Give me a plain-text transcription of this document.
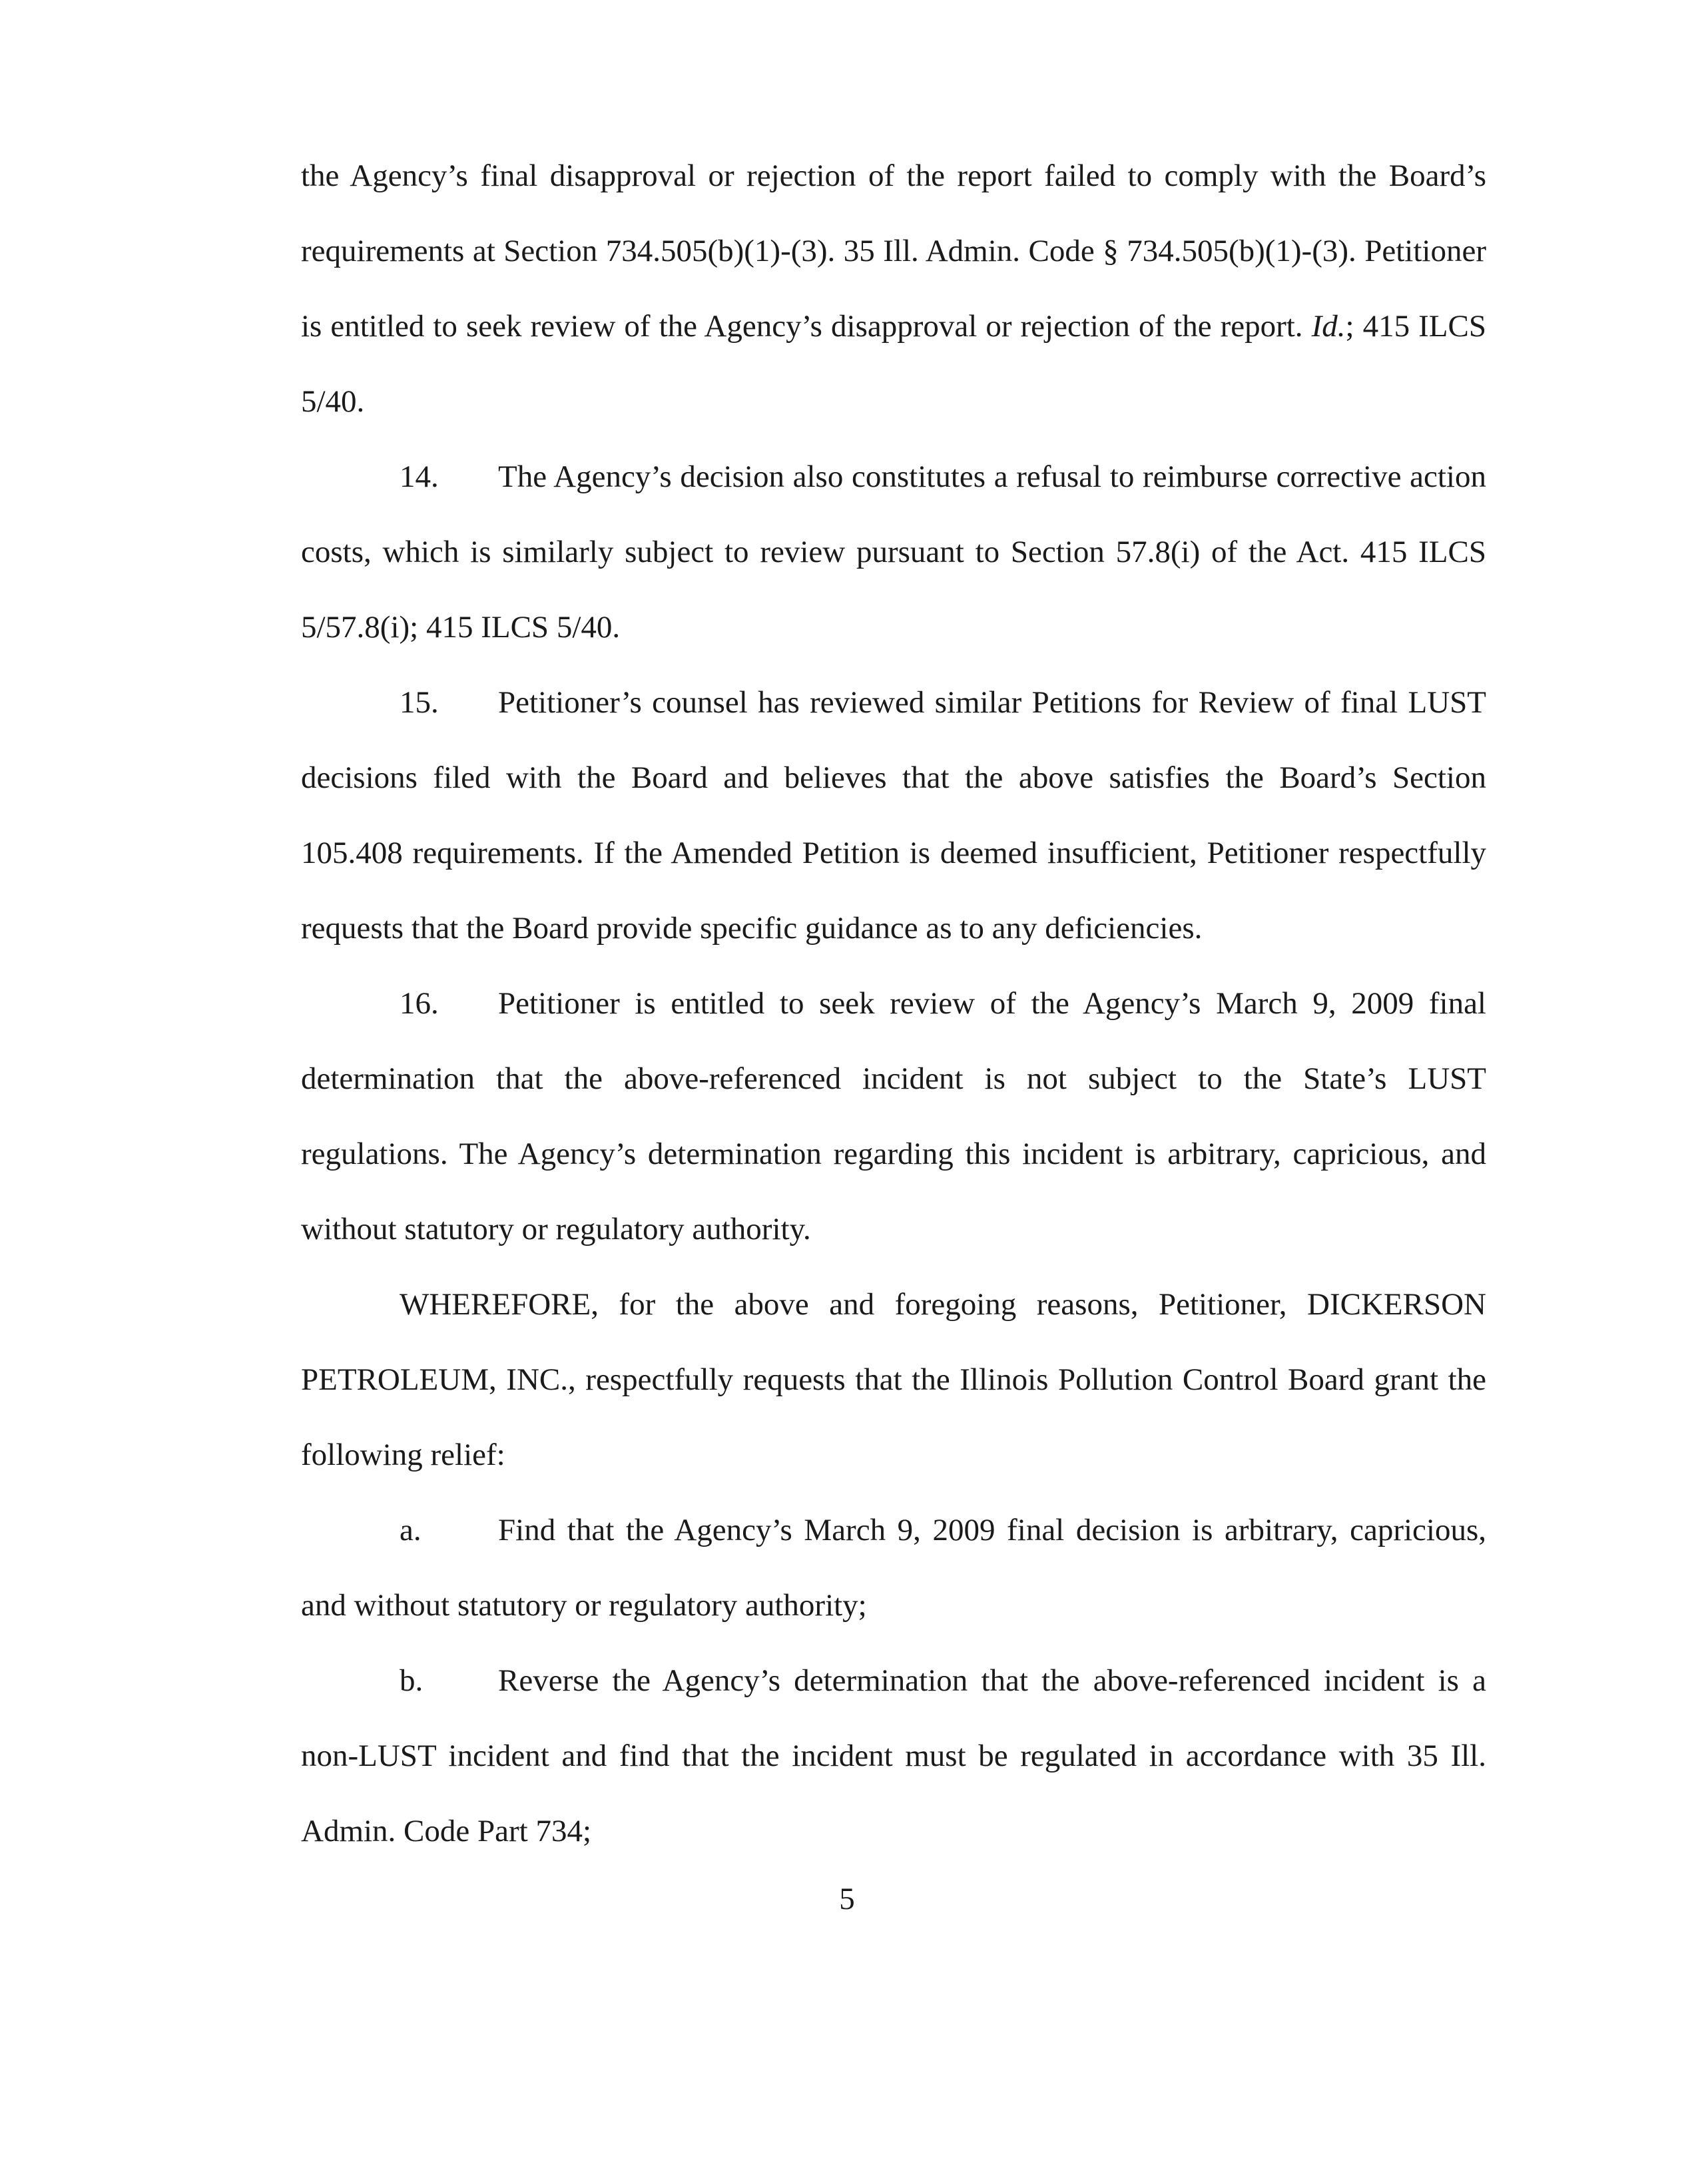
the Agency’s final disapproval or rejection of the report failed to comply with the Board’s requirements at Section 734.505(b)(1)-(3). 35 Ill. Admin. Code § 734.505(b)(1)-(3). Petitioner is entitled to seek review of the Agency’s disapproval or rejection of the report. Id.; 415 ILCS 5/40.

14. The Agency’s decision also constitutes a refusal to reimburse corrective action costs, which is similarly subject to review pursuant to Section 57.8(i) of the Act. 415 ILCS 5/57.8(i); 415 ILCS 5/40.

15. Petitioner’s counsel has reviewed similar Petitions for Review of final LUST decisions filed with the Board and believes that the above satisfies the Board’s Section 105.408 requirements. If the Amended Petition is deemed insufficient, Petitioner respectfully requests that the Board provide specific guidance as to any deficiencies.

16. Petitioner is entitled to seek review of the Agency’s March 9, 2009 final determination that the above-referenced incident is not subject to the State’s LUST regulations. The Agency’s determination regarding this incident is arbitrary, capricious, and without statutory or regulatory authority.

WHEREFORE, for the above and foregoing reasons, Petitioner, DICKERSON PETROLEUM, INC., respectfully requests that the Illinois Pollution Control Board grant the following relief:

a. Find that the Agency’s March 9, 2009 final decision is arbitrary, capricious, and without statutory or regulatory authority;

b. Reverse the Agency’s determination that the above-referenced incident is a non-LUST incident and find that the incident must be regulated in accordance with 35 Ill. Admin. Code Part 734;

5
